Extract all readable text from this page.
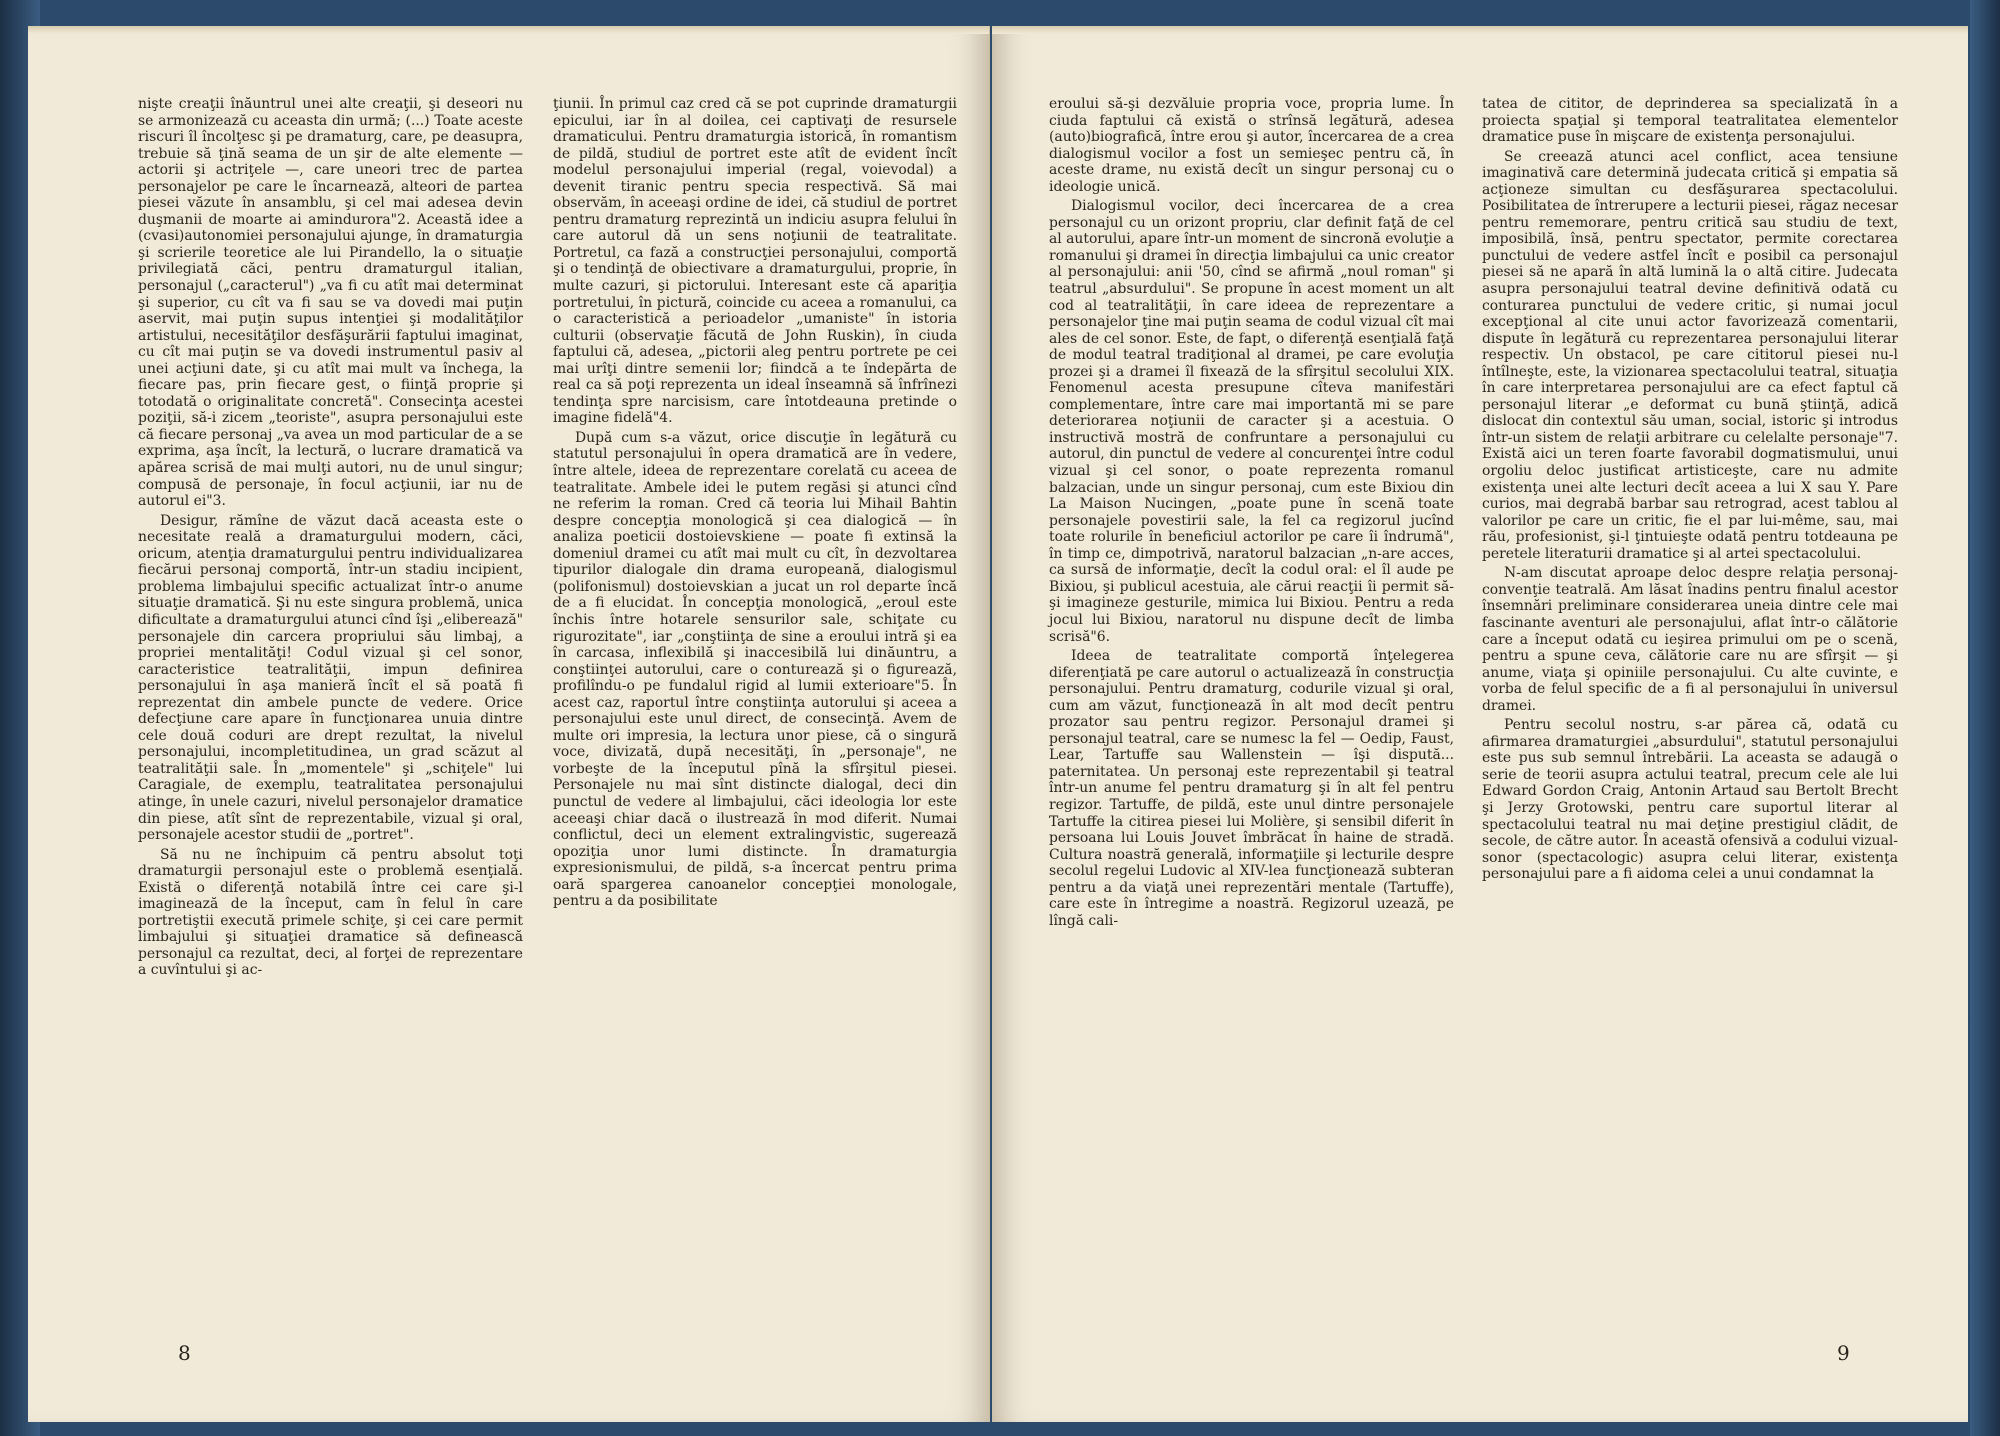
nişte creaţii înăuntrul unei alte creaţii, şi deseori nu se armonizează cu aceasta din urmă; (...) Toate aceste riscuri îl încolţesc şi pe dramaturg, care, pe deasupra, trebuie să ţină seama de un şir de alte elemente — actorii şi actriţele —, care uneori trec de partea personajelor pe care le încarnează, alteori de partea piesei văzute în ansamblu, şi cel mai adesea devin duşmanii de moarte ai amindurora"2. Această idee a (cvasi)autonomiei personajului ajunge, în dramaturgia şi scrierile teoretice ale lui Pirandello, la o situaţie privilegiată căci, pentru dramaturgul italian, personajul („caracterul") „va fi cu atît mai determinat şi superior, cu cît va fi sau se va dovedi mai puţin aservit, mai puţin supus intenţiei şi modalităţilor artistului, necesităţilor desfăşurării faptului imaginat, cu cît mai puţin se va dovedi instrumentul pasiv al unei acţiuni date, şi cu atît mai mult va închega, la fiecare pas, prin fiecare gest, o fiinţă proprie şi totodată o originalitate concretă". Consecinţa acestei poziţii, să-i zicem „teoriste", asupra personajului este că fiecare personaj „va avea un mod particular de a se exprima, aşa încît, la lectură, o lucrare dramatică va apărea scrisă de mai mulţi autori, nu de unul singur; compusă de personaje, în focul acţiunii, iar nu de autorul ei"3.

Desigur, rămîne de văzut dacă aceasta este o necesitate reală a dramaturgului modern, căci, oricum, atenţia dramaturgului pentru individualizarea fiecărui personaj comportă, într-un stadiu incipient, problema limbajului specific actualizat într-o anume situaţie dramatică. Şi nu este singura problemă, unica dificultate a dramaturgului atunci cînd îşi „eliberează" personajele din carcera propriului său limbaj, a propriei mentalităţi! Codul vizual şi cel sonor, caracteristice teatralităţii, impun definirea personajului în aşa manieră încît el să poată fi reprezentat din ambele puncte de vedere. Orice defecţiune care apare în funcţionarea unuia dintre cele două coduri are drept rezultat, la nivelul personajului, incompletitudinea, un grad scăzut al teatralităţii sale. În „momentele" şi „schiţele" lui Caragiale, de exemplu, teatralitatea personajului atinge, în unele cazuri, nivelul personajelor dramatice din piese, atît sînt de reprezentabile, vizual şi oral, personajele acestor studii de „portret".

Să nu ne închipuim că pentru absolut toţi dramaturgii personajul este o problemă esenţială. Există o diferenţă notabilă între cei care şi-l imaginează de la început, cam în felul în care portretiştii execută primele schiţe, şi cei care permit limbajului şi situaţiei dramatice să definească personajul ca rezultat, deci, al forţei de reprezentare a cuvîntului şi ac-

ţiunii. În primul caz cred că se pot cuprinde dramaturgii epicului, iar în al doilea, cei captivaţi de resursele dramaticului. Pentru dramaturgia istorică, în romantism de pildă, studiul de portret este atît de evident încît modelul personajului imperial (regal, voievodal) a devenit tiranic pentru specia respectivă. Să mai observăm, în aceeaşi ordine de idei, că studiul de portret pentru dramaturg reprezintă un indiciu asupra felului în care autorul dă un sens noţiunii de teatralitate. Portretul, ca fază a construcţiei personajului, comportă şi o tendinţă de obiectivare a dramaturgului, proprie, în multe cazuri, şi pictorului. Interesant este că apariţia portretului, în pictură, coincide cu aceea a romanului, ca o caracteristică a perioadelor „umaniste" în istoria culturii (observaţie făcută de John Ruskin), în ciuda faptului că, adesea, „pictorii aleg pentru portrete pe cei mai urîţi dintre semenii lor; fiindcă a te îndepărta de real ca să poţi reprezenta un ideal înseamnă să înfrînezi tendinţa spre narcisism, care întotdeauna pretinde o imagine fidelă"4.

După cum s-a văzut, orice discuţie în legătură cu statutul personajului în opera dramatică are în vedere, între altele, ideea de reprezentare corelată cu aceea de teatralitate. Ambele idei le putem regăsi şi atunci cînd ne referim la roman. Cred că teoria lui Mihail Bahtin despre concepţia monologică şi cea dialogică — în analiza poeticii dostoievskiene — poate fi extinsă la domeniul dramei cu atît mai mult cu cît, în dezvoltarea tipurilor dialogale din drama europeană, dialogismul (polifonismul) dostoievskian a jucat un rol departe încă de a fi elucidat. În concepţia monologică, „eroul este închis între hotarele sensurilor sale, schiţate cu rigurozitate", iar „conştiinţa de sine a eroului intră şi ea în carcasa, inflexibilă şi inaccesibilă lui dinăuntru, a conştiinţei autorului, care o conturează şi o figurează, profilîndu-o pe fundalul rigid al lumii exterioare"5. În acest caz, raportul între conştiinţa autorului şi aceea a personajului este unul direct, de consecinţă. Avem de multe ori impresia, la lectura unor piese, că o singură voce, divizată, după necesităţi, în „personaje", ne vorbeşte de la începutul pînă la sfîrşitul piesei. Personajele nu mai sînt distincte dialogal, deci din punctul de vedere al limbajului, căci ideologia lor este aceeaşi chiar dacă o ilustrează în mod diferit. Numai conflictul, deci un element extralingvistic, sugerează opoziţia unor lumi distincte. În dramaturgia expresionismului, de pildă, s-a încercat pentru prima oară spargerea canoanelor concepţiei monologale, pentru a da posibilitate

8

eroului să-şi dezvăluie propria voce, propria lume. În ciuda faptului că există o strînsă legătură, adesea (auto)biografică, între erou şi autor, încercarea de a crea dialogismul vocilor a fost un semieşec pentru că, în aceste drame, nu există decît un singur personaj cu o ideologie unică.

Dialogismul vocilor, deci încercarea de a crea personajul cu un orizont propriu, clar definit faţă de cel al autorului, apare într-un moment de sincronă evoluţie a romanului şi dramei în direcţia limbajului ca unic creator al personajului: anii '50, cînd se afirmă „noul roman" şi teatrul „absurdului". Se propune în acest moment un alt cod al teatralităţii, în care ideea de reprezentare a personajelor ţine mai puţin seama de codul vizual cît mai ales de cel sonor. Este, de fapt, o diferenţă esenţială faţă de modul teatral tradiţional al dramei, pe care evoluţia prozei şi a dramei îl fixează de la sfîrşitul secolului XIX. Fenomenul acesta presupune cîteva manifestări complementare, între care mai importantă mi se pare deteriorarea noţiunii de caracter şi a acestuia. O instructivă mostră de confruntare a personajului cu autorul, din punctul de vedere al concurenţei între codul vizual şi cel sonor, o poate reprezenta romanul balzacian, unde un singur personaj, cum este Bixiou din La Maison Nucingen, „poate pune în scenă toate personajele povestirii sale, la fel ca regizorul jucînd toate rolurile în beneficiul actorilor pe care îi îndrumă", în timp ce, dimpotrivă, naratorul balzacian „n-are acces, ca sursă de informaţie, decît la codul oral: el îl aude pe Bixiou, şi publicul acestuia, ale cărui reacţii îi permit să-şi imagineze gesturile, mimica lui Bixiou. Pentru a reda jocul lui Bixiou, naratorul nu dispune decît de limba scrisă"6.

Ideea de teatralitate comportă înţelegerea diferenţiată pe care autorul o actualizează în construcţia personajului. Pentru dramaturg, codurile vizual şi oral, cum am văzut, funcţionează în alt mod decît pentru prozator sau pentru regizor. Personajul dramei şi personajul teatral, care se numesc la fel — Oedip, Faust, Lear, Tartuffe sau Wallenstein — îşi dispută... paternitatea. Un personaj este reprezentabil şi teatral într-un anume fel pentru dramaturg şi în alt fel pentru regizor. Tartuffe, de pildă, este unul dintre personajele Tartuffe la citirea piesei lui Molière, şi sensibil diferit în persoana lui Louis Jouvet îmbrăcat în haine de stradă. Cultura noastră generală, informaţiile şi lecturile despre secolul regelui Ludovic al XIV-lea funcţionează subteran pentru a da viaţă unei reprezentări mentale (Tartuffe), care este în întregime a noastră. Regizorul uzează, pe lîngă cali-

tatea de cititor, de deprinderea sa specializată în a proiecta spaţial şi temporal teatralitatea elementelor dramatice puse în mişcare de existenţa personajului.

Se creează atunci acel conflict, acea tensiune imaginativă care determină judecata critică şi empatia să acţioneze simultan cu desfăşurarea spectacolului. Posibilitatea de întrerupere a lecturii piesei, răgaz necesar pentru rememorare, pentru critică sau studiu de text, imposibilă, însă, pentru spectator, permite corectarea punctului de vedere astfel încît e posibil ca personajul piesei să ne apară în altă lumină la o altă citire. Judecata asupra personajului teatral devine definitivă odată cu conturarea punctului de vedere critic, şi numai jocul excepţional al cite unui actor favorizează comentarii, dispute în legătură cu reprezentarea personajului literar respectiv. Un obstacol, pe care cititorul piesei nu-l întîlneşte, este, la vizionarea spectacolului teatral, situaţia în care interpretarea personajului are ca efect faptul că personajul literar „e deformat cu bună ştiinţă, adică dislocat din contextul său uman, social, istoric şi introdus într-un sistem de relaţii arbitrare cu celelalte personaje"7. Există aici un teren foarte favorabil dogmatismului, unui orgoliu deloc justificat artisticeşte, care nu admite existenţa unei alte lecturi decît aceea a lui X sau Y. Pare curios, mai degrabă barbar sau retrograd, acest tablou al valorilor pe care un critic, fie el par lui-même, sau, mai rău, profesionist, şi-l ţintuieşte odată pentru totdeauna pe peretele literaturii dramatice şi al artei spectacolului.

N-am discutat aproape deloc despre relaţia personaj-convenţie teatrală. Am lăsat înadins pentru finalul acestor însemnări preliminare considerarea uneia dintre cele mai fascinante aventuri ale personajului, aflat într-o călătorie care a început odată cu ieşirea primului om pe o scenă, pentru a spune ceva, călătorie care nu are sfîrşit — şi anume, viaţa şi opiniile personajului. Cu alte cuvinte, e vorba de felul specific de a fi al personajului în universul dramei.

Pentru secolul nostru, s-ar părea că, odată cu afirmarea dramaturgiei „absurdului", statutul personajului este pus sub semnul întrebării. La aceasta se adaugă o serie de teorii asupra actului teatral, precum cele ale lui Edward Gordon Craig, Antonin Artaud sau Bertolt Brecht şi Jerzy Grotowski, pentru care suportul literar al spectacolului teatral nu mai deţine prestigiul clădit, de secole, de către autor. În această ofensivă a codului vizual-sonor (spectacologic) asupra celui literar, existenţa personajului pare a fi aidoma celei a unui condamnat la

9
